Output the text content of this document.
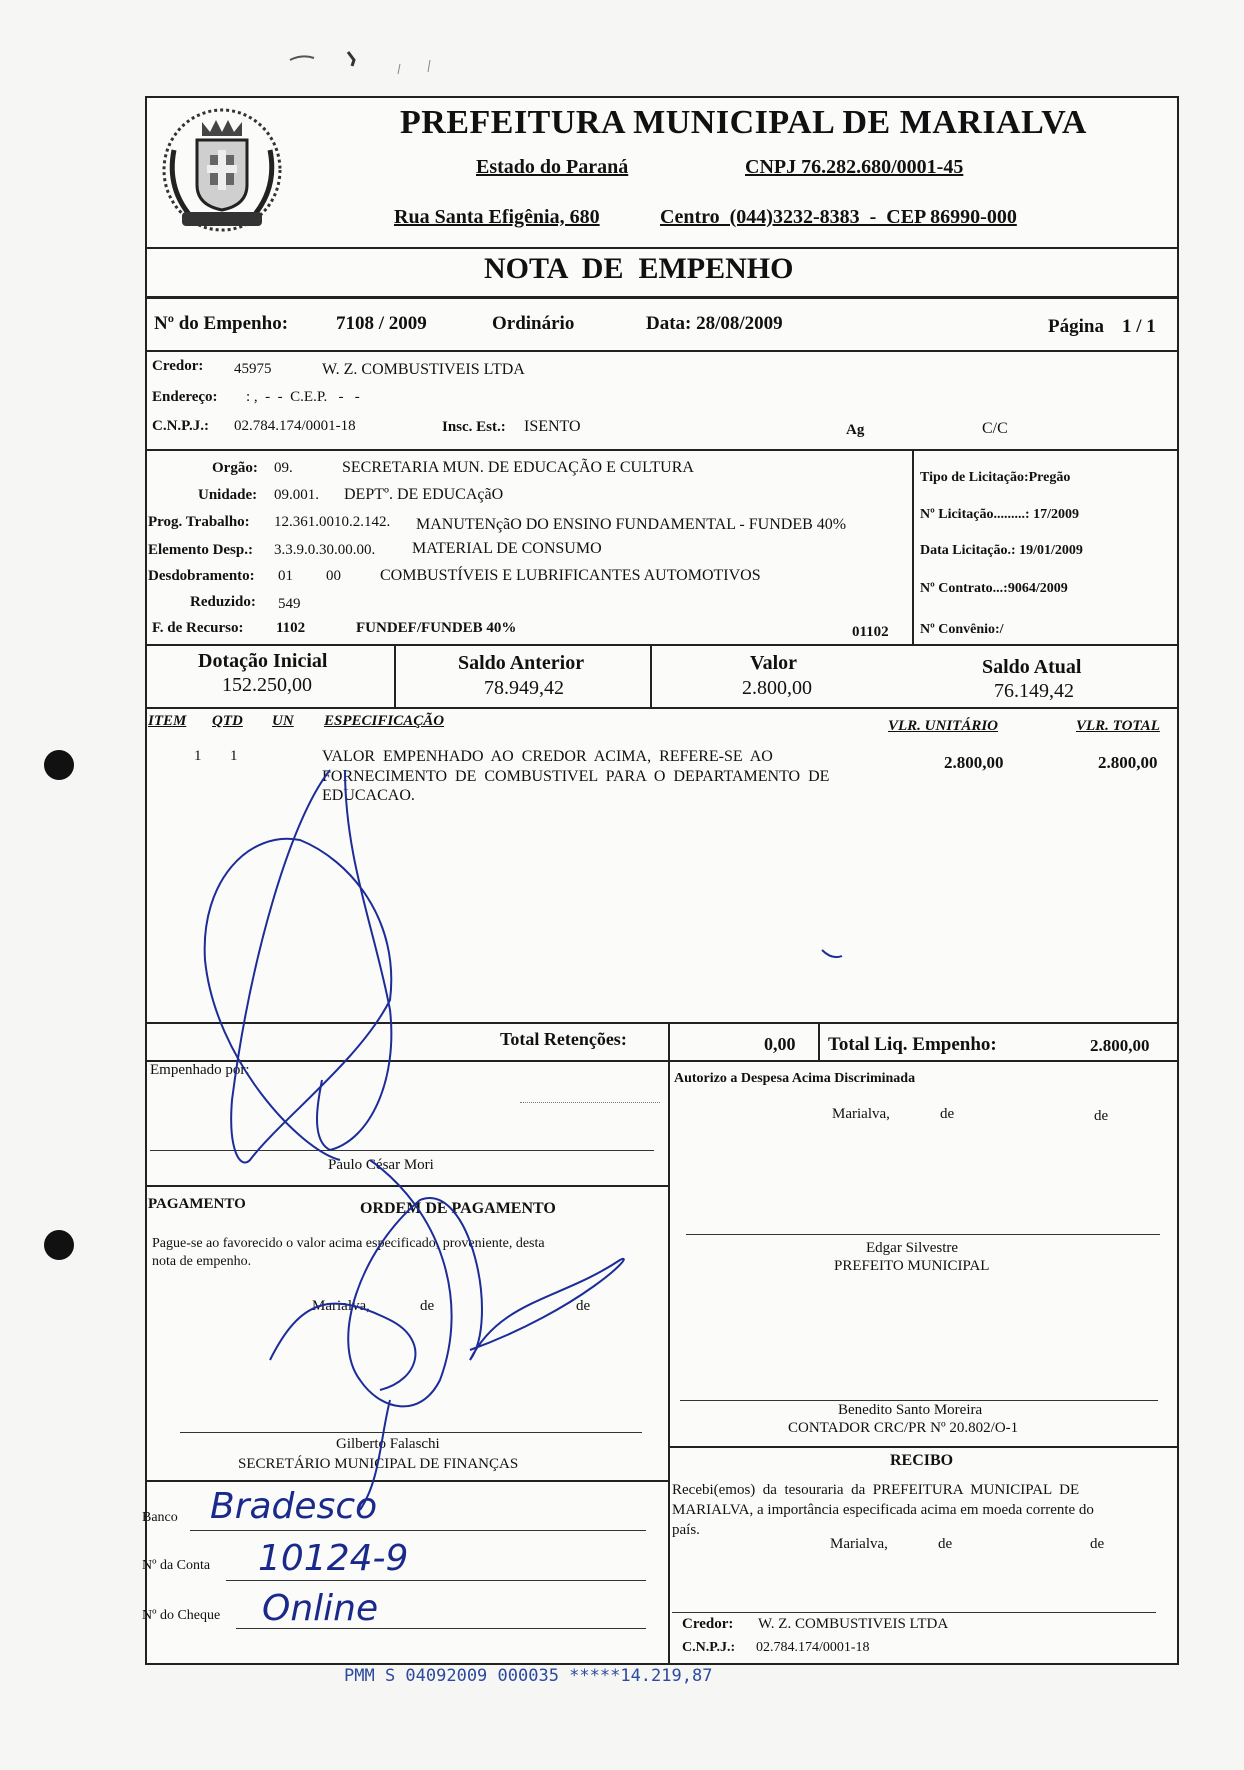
PREFEITURA MUNICIPAL DE MARIALVA
Estado do Paraná	CNPJ 76.282.680/0001-45
Rua Santa Efigênia, 680	Centro  (044)3232-8383  -  CEP 86990-000
NOTA  DE  EMPENHO
Nº do Empenho:	7108 / 2009	Ordinário	Data: 28/08/2009	Página 1 / 1
Credor: 45975	W. Z. COMBUSTIVEIS LTDA
Endereço: : ,  -  -  C.E.P.   -   -
C.N.P.J.: 02.784.174/0001-18	Insc. Est.: ISENTO	Ag	C/C
Orgão: 09.	SECRETARIA MUN. DE EDUCAÇÃO E CULTURA
Unidade: 09.001. DEPTº. DE EDUCAçãO
Prog. Trabalho: 12.361.0010.2.142. MANUTENçãO DO ENSINO FUNDAMENTAL - FUNDEB 40%
Elemento Desp.: 3.3.9.0.30.00.00. MATERIAL DE CONSUMO
Desdobramento: 01 00 COMBUSTÍVEIS E LUBRIFICANTES AUTOMOTIVOS
Reduzido: 549
F. de Recurso: 1102	FUNDEF/FUNDEB 40%	01102
Tipo de Licitação:Pregão
Nº Licitação.........: 17/2009
Data Licitação.: 19/01/2009
Nº Contrato...:9064/2009
Nº Convênio:/
Dotação Inicial
152.250,00
Saldo Anterior
78.949,42
Valor
2.800,00
Saldo Atual
76.149,42
ITEM QTD UN ESPECIFICAÇÃO	VLR. UNITÁRIO	VLR. TOTAL
1 1	VALOR  EMPENHADO  AO  CREDOR  ACIMA,  REFERE-SE  AO
FORNECIMENTO  DE  COMBUSTIVEL  PARA  O  DEPARTAMENTO  DE
EDUCACAO.
2.800,00	2.800,00
Total Retenções:	0,00 Total Liq. Empenho:	2.800,00
Empenhado por:
Paulo César Mori
PAGAMENTO	ORDEM DE PAGAMENTO
Pague-se ao favorecido o valor acima especificado, proveniente, desta
nota de empenho.
Marialva,	de	de
Gilberto Falaschi
SECRETÁRIO MUNICIPAL DE FINANÇAS
Banco Bradesco
Nº da Conta 10124-9
Nº do Cheque Online
Autorizo a Despesa Acima Discriminada
Marialva,	de	de
Edgar Silvestre
PREFEITO MUNICIPAL
Benedito Santo Moreira
CONTADOR CRC/PR Nº 20.802/O-1
RECIBO
Recebi(emos)  da  tesouraria  da  PREFEITURA  MUNICIPAL  DE
MARIALVA, a importância especificada acima em moeda corrente do
país.
Marialva,	de	de
Credor: W. Z. COMBUSTIVEIS LTDA
C.N.P.J.: 02.784.174/0001-18
PMM S 04092009 000035 *****14.219,87
